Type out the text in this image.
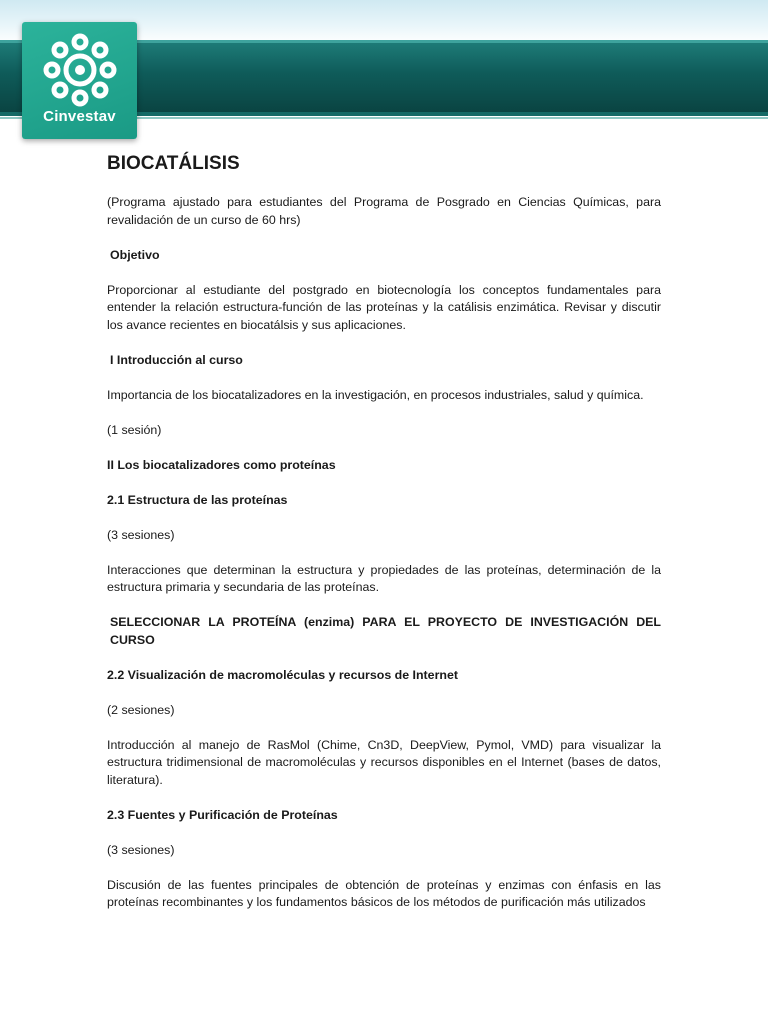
Cinvestav

BIOCATÁLISIS

(Programa ajustado para estudiantes del Programa de Posgrado en Ciencias Químicas, para revalidación de un curso de 60 hrs)

Objetivo

Proporcionar al estudiante del postgrado en biotecnología los conceptos fundamentales para entender la relación estructura-función de las proteínas y la catálisis enzimática. Revisar y discutir los avance recientes en biocatálsis y sus aplicaciones.

I Introducción al curso

Importancia de los biocatalizadores en la investigación, en procesos industriales, salud y química.

(1 sesión)

II Los biocatalizadores como proteínas

2.1 Estructura de las proteínas

(3 sesiones)

Interacciones que determinan la estructura y propiedades de las proteínas, determinación de la estructura primaria y secundaria de las proteínas.

SELECCIONAR LA PROTEÍNA (enzima) PARA EL PROYECTO DE INVESTIGACIÓN DEL CURSO

2.2 Visualización de macromoléculas y recursos de Internet

(2 sesiones)

Introducción al manejo de RasMol (Chime, Cn3D, DeepView, Pymol, VMD) para visualizar la estructura tridimensional de macromoléculas y recursos disponibles en el Internet (bases de datos, literatura).

2.3 Fuentes y Purificación de Proteínas

(3 sesiones)

Discusión de las fuentes principales de obtención de proteínas y enzimas con énfasis en las proteínas recombinantes y los fundamentos básicos de los métodos de purificación más utilizados
